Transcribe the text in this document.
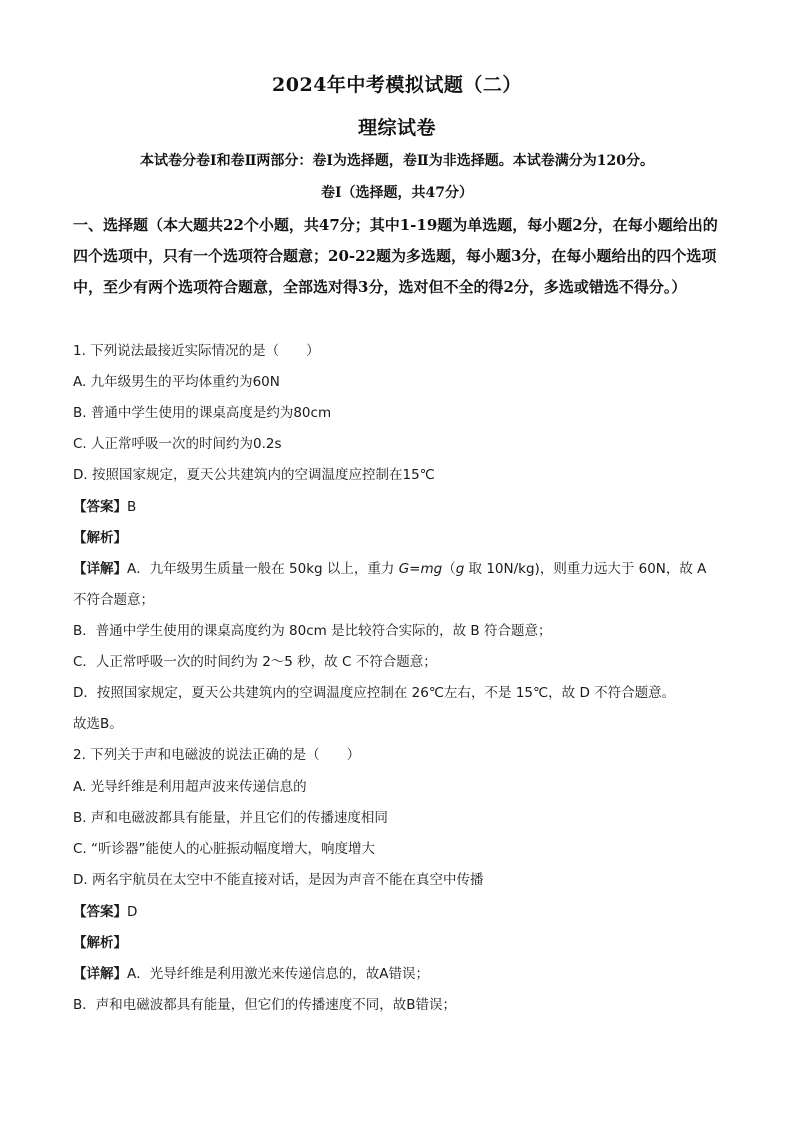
2024年中考模拟试题（二）
理综试卷
本试卷分卷Ⅰ和卷Ⅱ两部分：卷Ⅰ为选择题，卷Ⅱ为非选择题。本试卷满分为120分。
卷Ⅰ（选择题，共47分）
一、选择题（本大题共22个小题，共47分；其中1-19题为单选题，每小题2分，在每小题给出的四个选项中，只有一个选项符合题意；20-22题为多选题，每小题3分，在每小题给出的四个选项中，至少有两个选项符合题意，全部选对得3分，选对但不全的得2分，多选或错选不得分。）
1. 下列说法最接近实际情况的是（　　）
A. 九年级男生的平均体重约为60N
B. 普通中学生使用的课桌高度是约为80cm
C. 人正常呼吸一次的时间约为0.2s
D. 按照国家规定，夏天公共建筑内的空调温度应控制在15℃
【答案】B
【解析】
【详解】A．九年级男生质量一般在 50kg 以上，重力 G=mg（g 取 10N/kg)，则重力远大于 60N，故 A
不符合题意；
B．普通中学生使用的课桌高度约为 80cm 是比较符合实际的，故 B 符合题意；
C．人正常呼吸一次的时间约为 2～5 秒，故 C 不符合题意；
D．按照国家规定，夏天公共建筑内的空调温度应控制在 26℃左右，不是 15℃，故 D 不符合题意。
故选B。
2. 下列关于声和电磁波的说法正确的是（　　）
A. 光导纤维是利用超声波来传递信息的
B. 声和电磁波都具有能量，并且它们的传播速度相同
C. “听诊器”能使人的心脏振动幅度增大，响度增大
D. 两名宇航员在太空中不能直接对话，是因为声音不能在真空中传播
【答案】D
【解析】
【详解】A．光导纤维是利用激光来传递信息的，故A错误；
B．声和电磁波都具有能量，但它们的传播速度不同，故B错误；
